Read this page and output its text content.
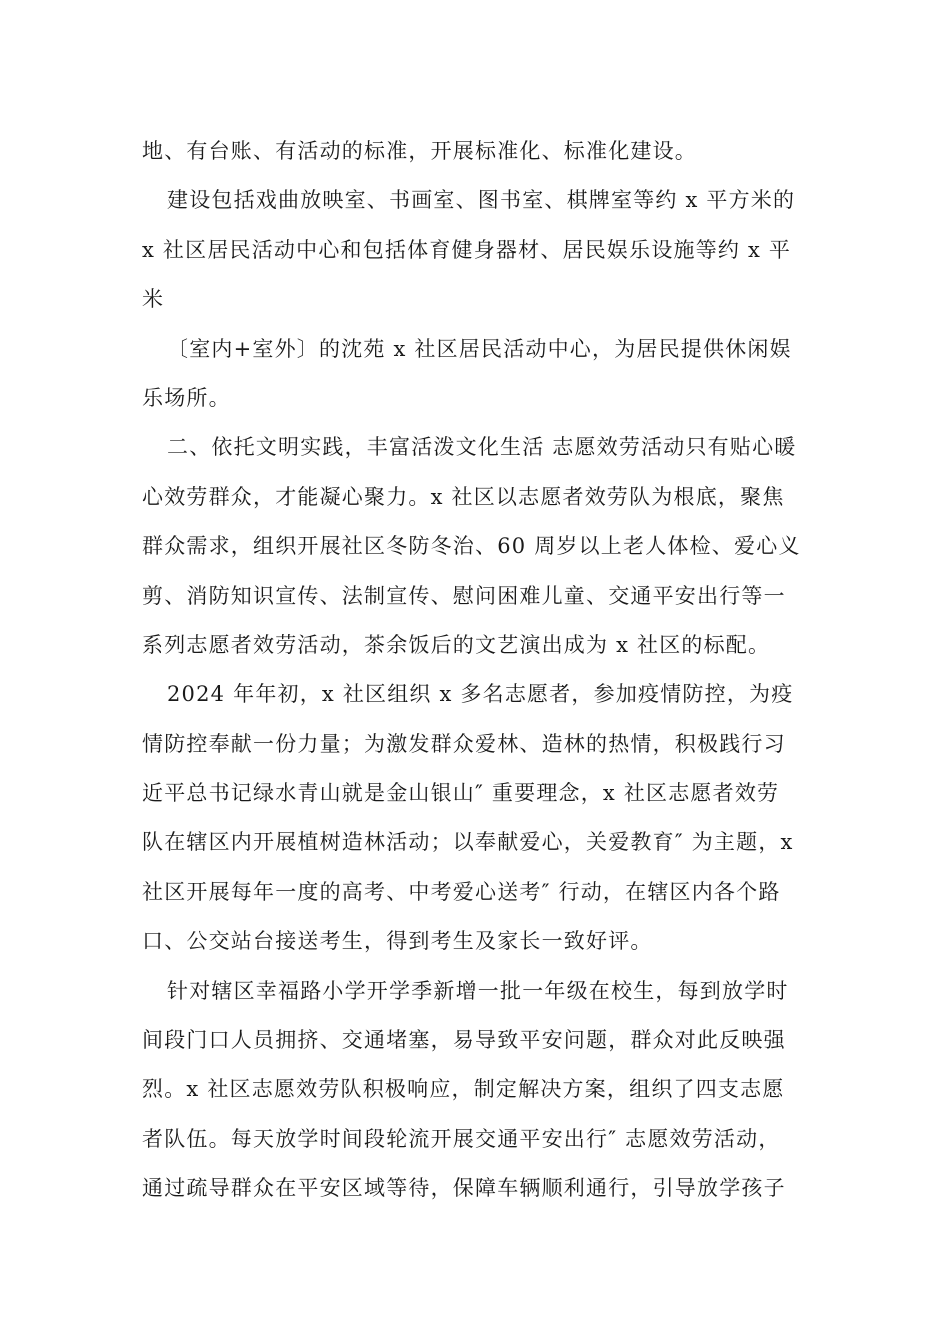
地、有台账、有活动的标准，开展标准化、标准化建设。
建设包括戏曲放映室、书画室、图书室、棋牌室等约 x 平方米的
x 社区居民活动中心和包括体育健身器材、居民娱乐设施等约 x 平
米
〔室内+室外〕的沈苑 x 社区居民活动中心，为居民提供休闲娱
乐场所。
二、依托文明实践，丰富活泼文化生活 志愿效劳活动只有贴心暖
心效劳群众，才能凝心聚力。x 社区以志愿者效劳队为根底，聚焦
群众需求，组织开展社区冬防冬治、60 周岁以上老人体检、爱心义
剪、消防知识宣传、法制宣传、慰问困难儿童、交通平安出行等一
系列志愿者效劳活动，茶余饭后的文艺演出成为 x 社区的标配。
2024 年年初，x 社区组织 x 多名志愿者，参加疫情防控，为疫
情防控奉献一份力量；为激发群众爱林、造林的热情，积极践行习
近平总书记绿水青山就是金山银山″ 重要理念，x 社区志愿者效劳
队在辖区内开展植树造林活动；以奉献爱心，关爱教育″ 为主题，x
社区开展每年一度的高考、中考爱心送考″ 行动，在辖区内各个路
口、公交站台接送考生，得到考生及家长一致好评。
针对辖区幸福路小学开学季新增一批一年级在校生，每到放学时
间段门口人员拥挤、交通堵塞，易导致平安问题，群众对此反映强
烈。x 社区志愿效劳队积极响应，制定解决方案，组织了四支志愿
者队伍。每天放学时间段轮流开展交通平安出行″ 志愿效劳活动，
通过疏导群众在平安区域等待，保障车辆顺利通行，引导放学孩子
